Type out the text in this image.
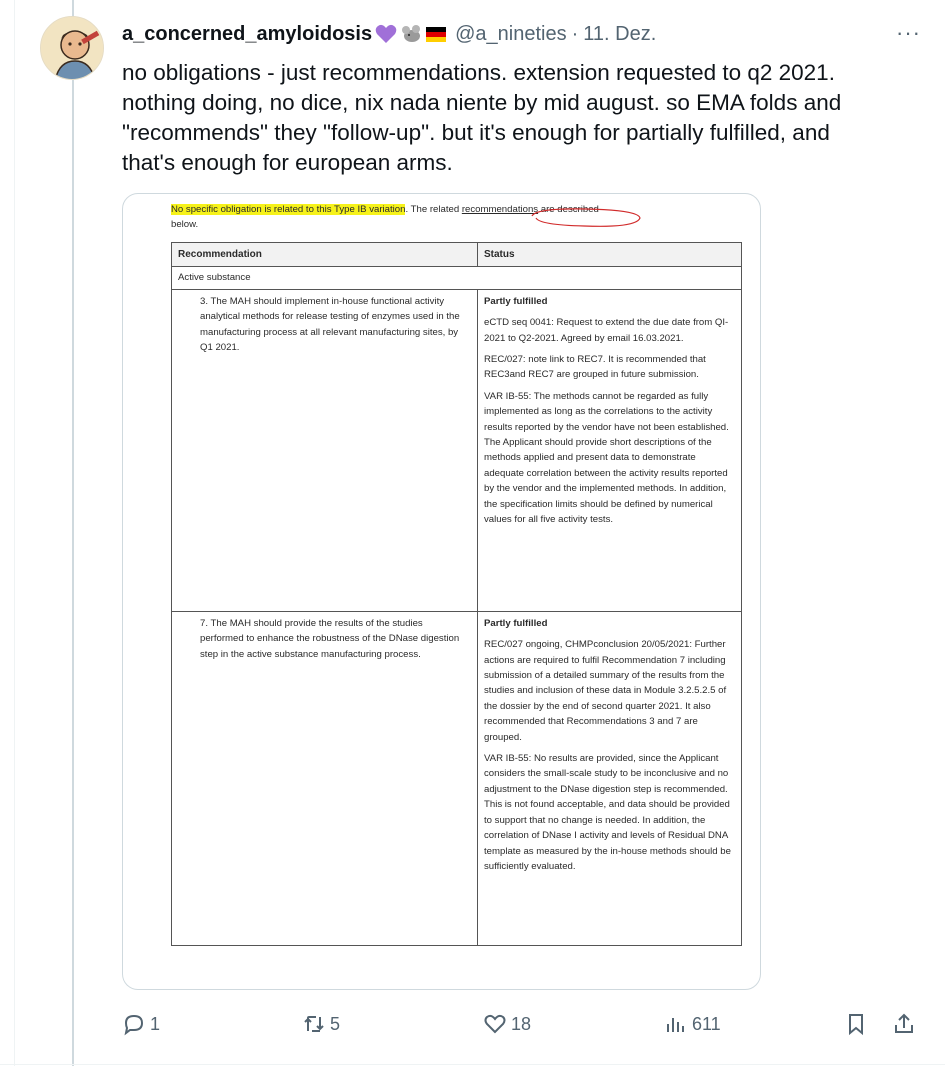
a_concerned_amyloidosis	@a_nineties · 11. Dez.	···

no obligations - just recommendations. extension requested to q2 2021.

nothing doing, no dice, nix nada niente by mid august. so EMA folds and

"recommends" they "follow-up". but it's enough for partially fulfilled, and

that's enough for european arms.

No specific obligation is related to this Type IB variation. The related recommendations are described
below.
Recommendation	Status
Active substance	
3. The MAH should implement in-house functional activity analytical methods for release testing of enzymes used in the manufacturing process at all relevant manufacturing sites, by Q1 2021.	Partly fulfilled

eCTD seq 0041: Request to extend the due date from QI-2021 to Q2-2021. Agreed by email 16.03.2021.

REC/027: note link to REC7. It is recommended that REC3and REC7 are grouped in future submission.

VAR IB-55: The methods cannot be regarded as fully implemented as long as the correlations to the activity results reported by the vendor have not been established. The Applicant should provide short descriptions of the methods applied and present data to demonstrate adequate correlation between the activity results reported by the vendor and the implemented methods. In addition, the specification limits should be defined by numerical values for all five activity tests.

7. The MAH should provide the results of the studies performed to enhance the robustness of the DNase digestion step in the active substance manufacturing process.	Partly fulfilled

REC/027 ongoing, CHMPconclusion 20/05/2021: Further actions are required to fulfil Recommendation 7 including submission of a detailed summary of the results from the studies and inclusion of these data in Module 3.2.5.2.5 of the dossier by the end of second quarter 2021. It also recommended that Recommendations 3 and 7 are grouped.

VAR IB-55: No results are provided, since the Applicant considers the small-scale study to be inconclusive and no adjustment to the DNase digestion step is recommended. This is not found acceptable, and data should be provided to support that no change is needed. In addition, the correlation of DNase I activity and levels of Residual DNA template as measured by the in-house methods should be sufficiently evaluated.

1	5	18	611
